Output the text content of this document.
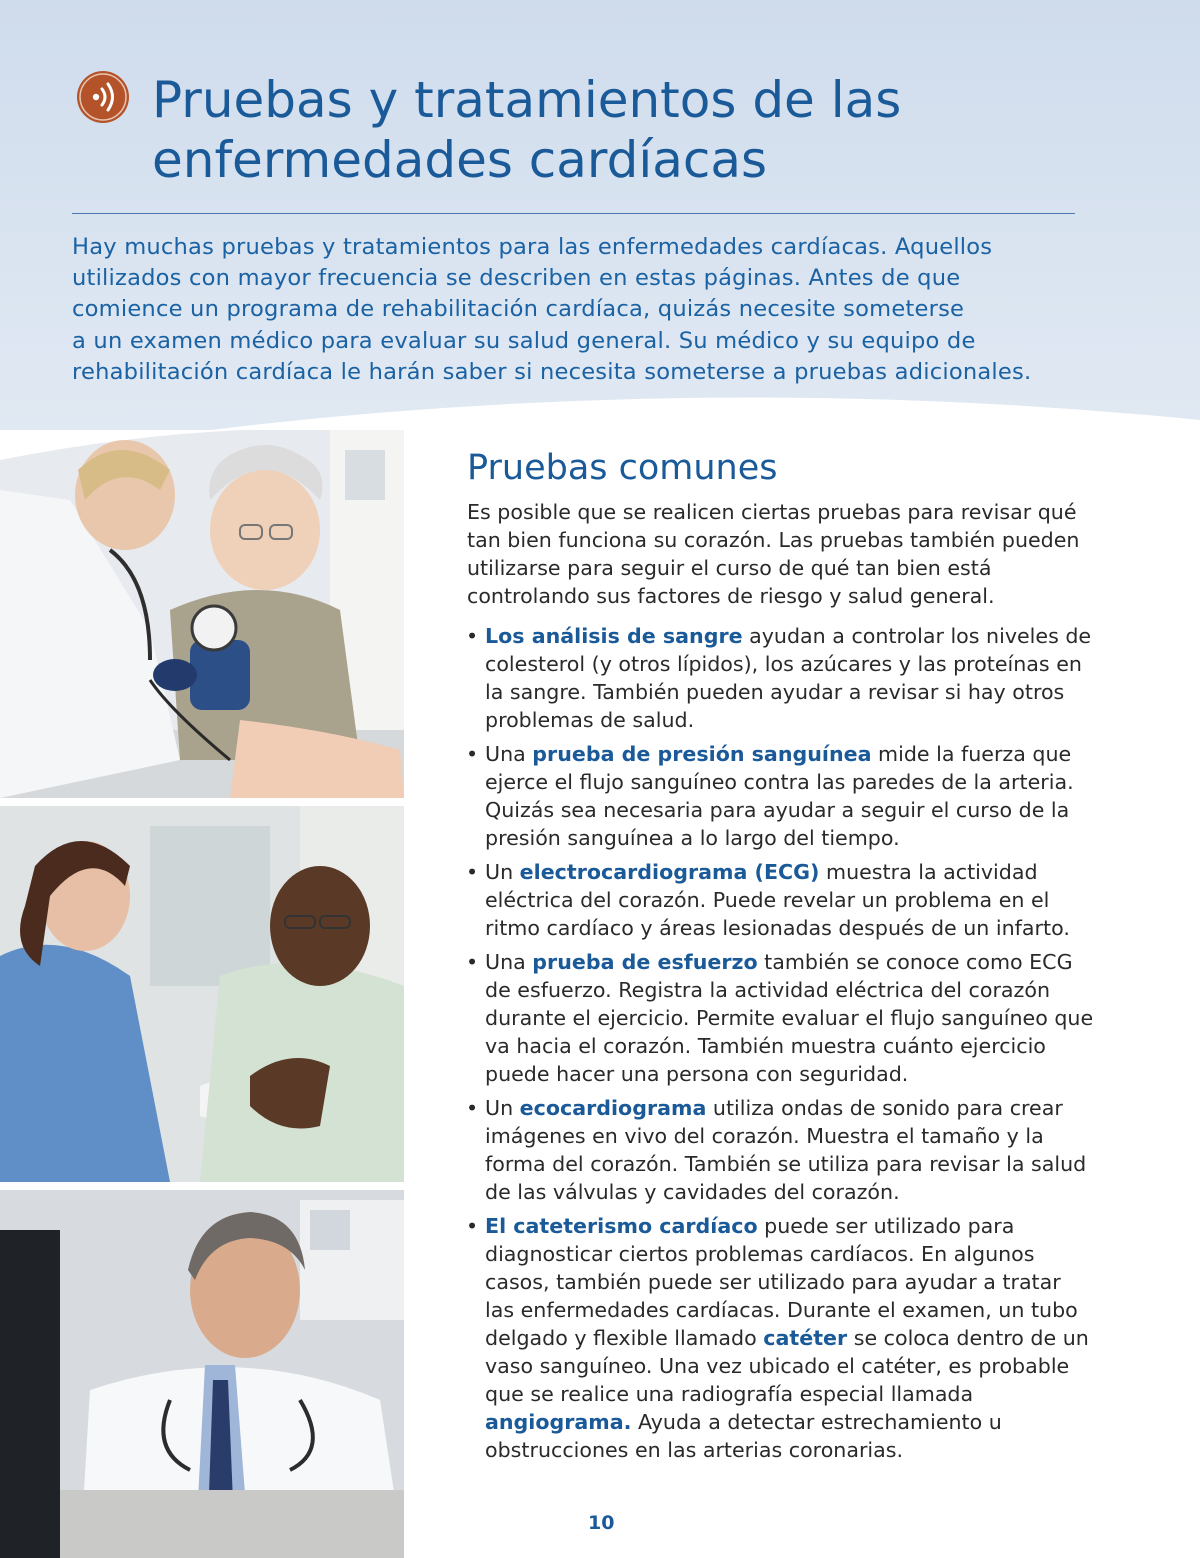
Pruebas y tratamientos de las
enfermedades cardíacas

Hay muchas pruebas y tratamientos para las enfermedades cardíacas. Aquellos
utilizados con mayor frecuencia se describen en estas páginas. Antes de que
comience un programa de rehabilitación cardíaca, quizás necesite someterse
a un examen médico para evaluar su salud general. Su médico y su equipo de
rehabilitación cardíaca le harán saber si necesita someterse a pruebas adicionales.

Pruebas comunes

Es posible que se realicen ciertas pruebas para revisar qué tan bien funciona su corazón. Las pruebas también pueden utilizarse para seguir el curso de qué tan bien está controlando sus factores de riesgo y salud general.

• Los análisis de sangre ayudan a controlar los niveles de colesterol (y otros lípidos), los azúcares y las proteínas en la sangre. También pueden ayudar a revisar si hay otros problemas de salud.
• Una prueba de presión sanguínea mide la fuerza que ejerce el flujo sanguíneo contra las paredes de la arteria. Quizás sea necesaria para ayudar a seguir el curso de la presión sanguínea a lo largo del tiempo.
• Un electrocardiograma (ECG) muestra la actividad eléctrica del corazón. Puede revelar un problema en el ritmo cardíaco y áreas lesionadas después de un infarto.
• Una prueba de esfuerzo también se conoce como ECG de esfuerzo. Registra la actividad eléctrica del corazón durante el ejercicio. Permite evaluar el flujo sanguíneo que va hacia el corazón. También muestra cuánto ejercicio puede hacer una persona con seguridad.
• Un ecocardiograma utiliza ondas de sonido para crear imágenes en vivo del corazón. Muestra el tamaño y la forma del corazón. También se utiliza para revisar la salud de las válvulas y cavidades del corazón.
• El cateterismo cardíaco puede ser utilizado para diagnosticar ciertos problemas cardíacos. En algunos casos, también puede ser utilizado para ayudar a tratar las enfermedades cardíacas. Durante el examen, un tubo delgado y flexible llamado catéter se coloca dentro de un vaso sanguíneo. Una vez ubicado el catéter, es probable que se realice una radiografía especial llamada angiograma. Ayuda a detectar estrechamiento u obstrucciones en las arterias coronarias.
10
